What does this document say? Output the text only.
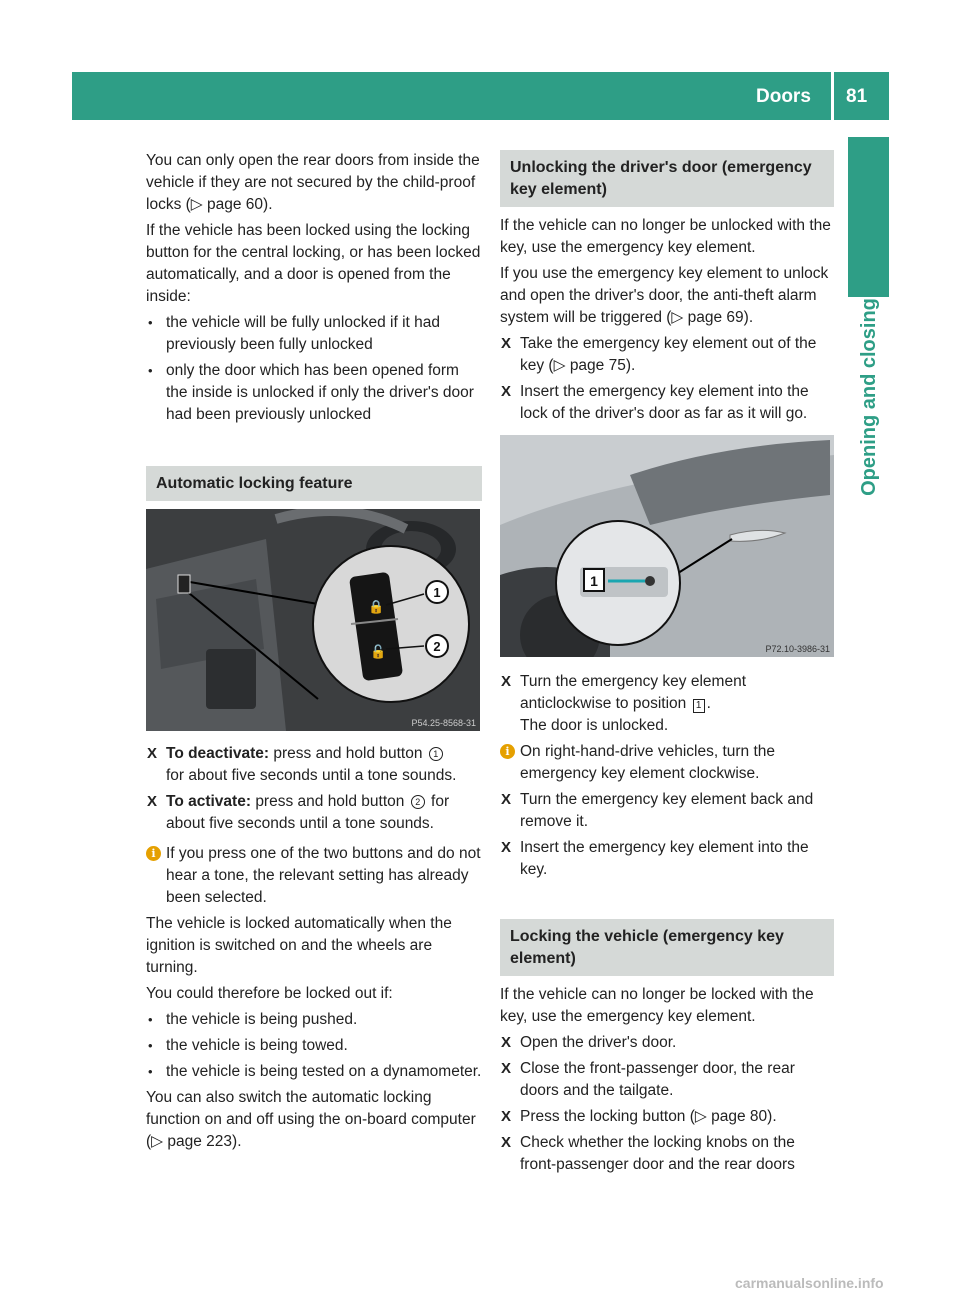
Doors 81
Opening and closing

You can only open the rear doors from inside the vehicle if they are not secured by the child-proof locks (▷ page 60).

If the vehicle has been locked using the locking button for the central locking, or has been locked automatically, and a door is opened from the inside:

• the vehicle will be fully unlocked if it had previously been fully unlocked
• only the door which has been opened form the inside is unlocked if only the driver's door had been previously unlocked
Automatic locking feature
🔒
🔓
1
2
P54.25-8568-31
X To deactivate: press and hold button 1
for about five seconds until a tone sounds.
X To activate: press and hold button 2 for about five seconds until a tone sounds.
i If you press one of the two buttons and do not hear a tone, the relevant setting has already been selected.

The vehicle is locked automatically when the ignition is switched on and the wheels are turning.

You could therefore be locked out if:

• the vehicle is being pushed.
• the vehicle is being towed.
• the vehicle is being tested on a dynamometer.

You can also switch the automatic locking function on and off using the on-board computer (▷ page 223).

Unlocking the driver's door (emergency key element)

If the vehicle can no longer be unlocked with the key, use the emergency key element.

If you use the emergency key element to unlock and open the driver's door, the anti-theft alarm system will be triggered (▷ page 69).

X Take the emergency key element out of the key (▷ page 75).
X Insert the emergency key element into the lock of the driver's door as far as it will go.
1
P72.10-3986-31
X Turn the emergency key element anticlockwise to position 1 .
The door is unlocked.
i On right-hand-drive vehicles, turn the emergency key element clockwise.
X Turn the emergency key element back and remove it.
X Insert the emergency key element into the key.
Locking the vehicle (emergency key element)

If the vehicle can no longer be locked with the key, use the emergency key element.

X Open the driver's door.
X Close the front-passenger door, the rear doors and the tailgate.
X Press the locking button (▷ page 80).
X Check whether the locking knobs on the front-passenger door and the rear doors
carmanualsonline.info
